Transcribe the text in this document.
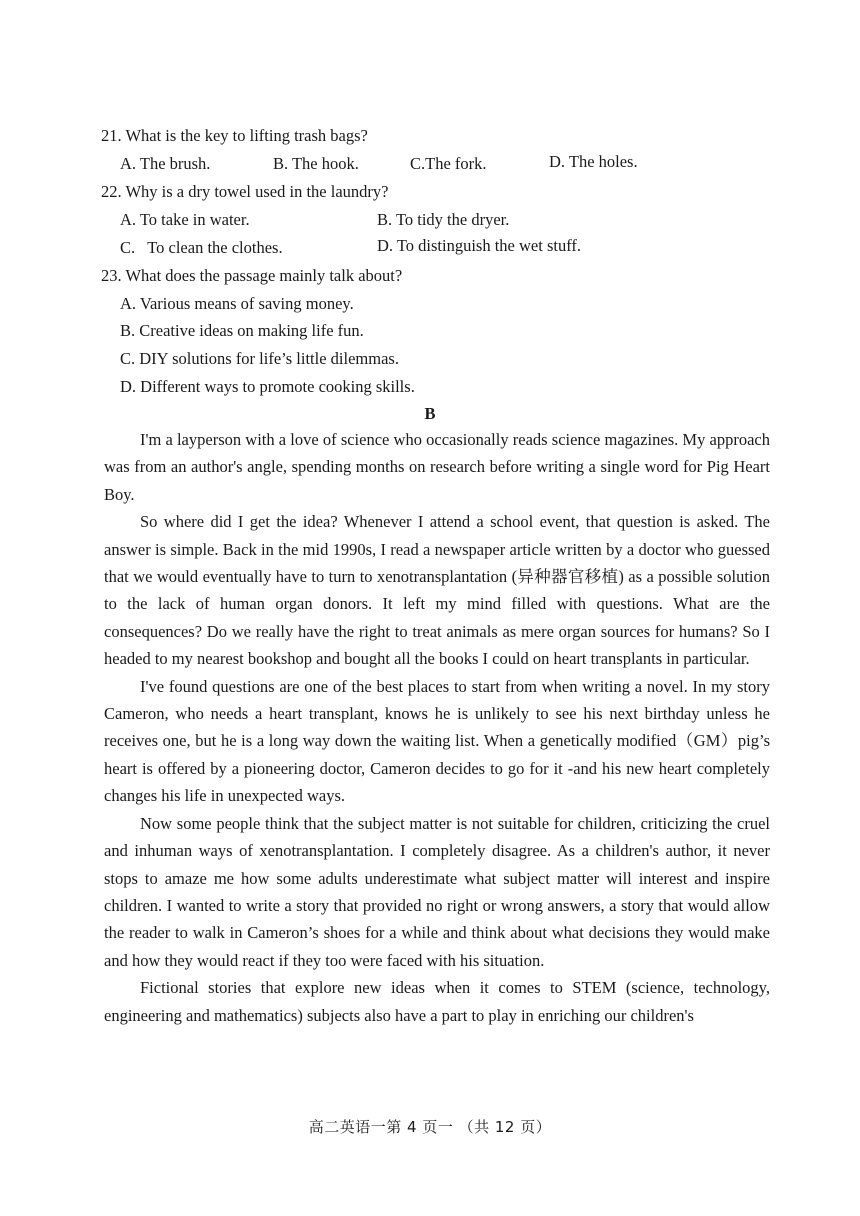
21. What is the key to lifting trash bags?
A. The brush.	B. The hook.	C.The fork.	D. The holes.
22. Why is a dry towel used in the laundry?
A. To take in water.	B. To tidy the dryer.
C.   To clean the clothes.	D. To distinguish the wet stuff.
23. What does the passage mainly talk about?
A. Various means of saving money.
B. Creative ideas on making life fun.
C. DIY solutions for life’s little dilemmas.
D. Different ways to promote cooking skills.
B

I'm a layperson with a love of science who occasionally reads science magazines. My approach was from an author's angle, spending months on research before writing a single word for Pig Heart Boy.

So where did I get the idea? Whenever I attend a school event, that question is asked. The answer is simple. Back in the mid 1990s, I read a newspaper article written by a doctor who guessed that we would eventually have to turn to xenotransplantation (异种器官移植) as a possible solution to the lack of human organ donors. It left my mind filled with questions. What are the consequences? Do we really have the right to treat animals as mere organ sources for humans? So I headed to my nearest bookshop and bought all the books I could on heart transplants in particular.

I've found questions are one of the best places to start from when writing a novel. In my story Cameron, who needs a heart transplant, knows he is unlikely to see his next birthday unless he receives one, but he is a long way down the waiting list. When a genetically modified（GM）pig’s heart is offered by a pioneering doctor, Cameron decides to go for it -and his new heart completely changes his life in unexpected ways.

Now some people think that the subject matter is not suitable for children, criticizing the cruel and inhuman ways of xenotransplantation. I completely disagree. As a children's author, it never stops to amaze me how some adults underestimate what subject matter will interest and inspire children. I wanted to write a story that provided no right or wrong answers, a story that would allow the reader to walk in Cameron’s shoes for a while and think about what decisions they would make and how they would react if they too were faced with his situation.

Fictional stories that explore new ideas when it comes to STEM (science, technology, engineering and mathematics) subjects also have a part to play in enriching our children's

高二英语一第 4 页一 （共 12 页）
